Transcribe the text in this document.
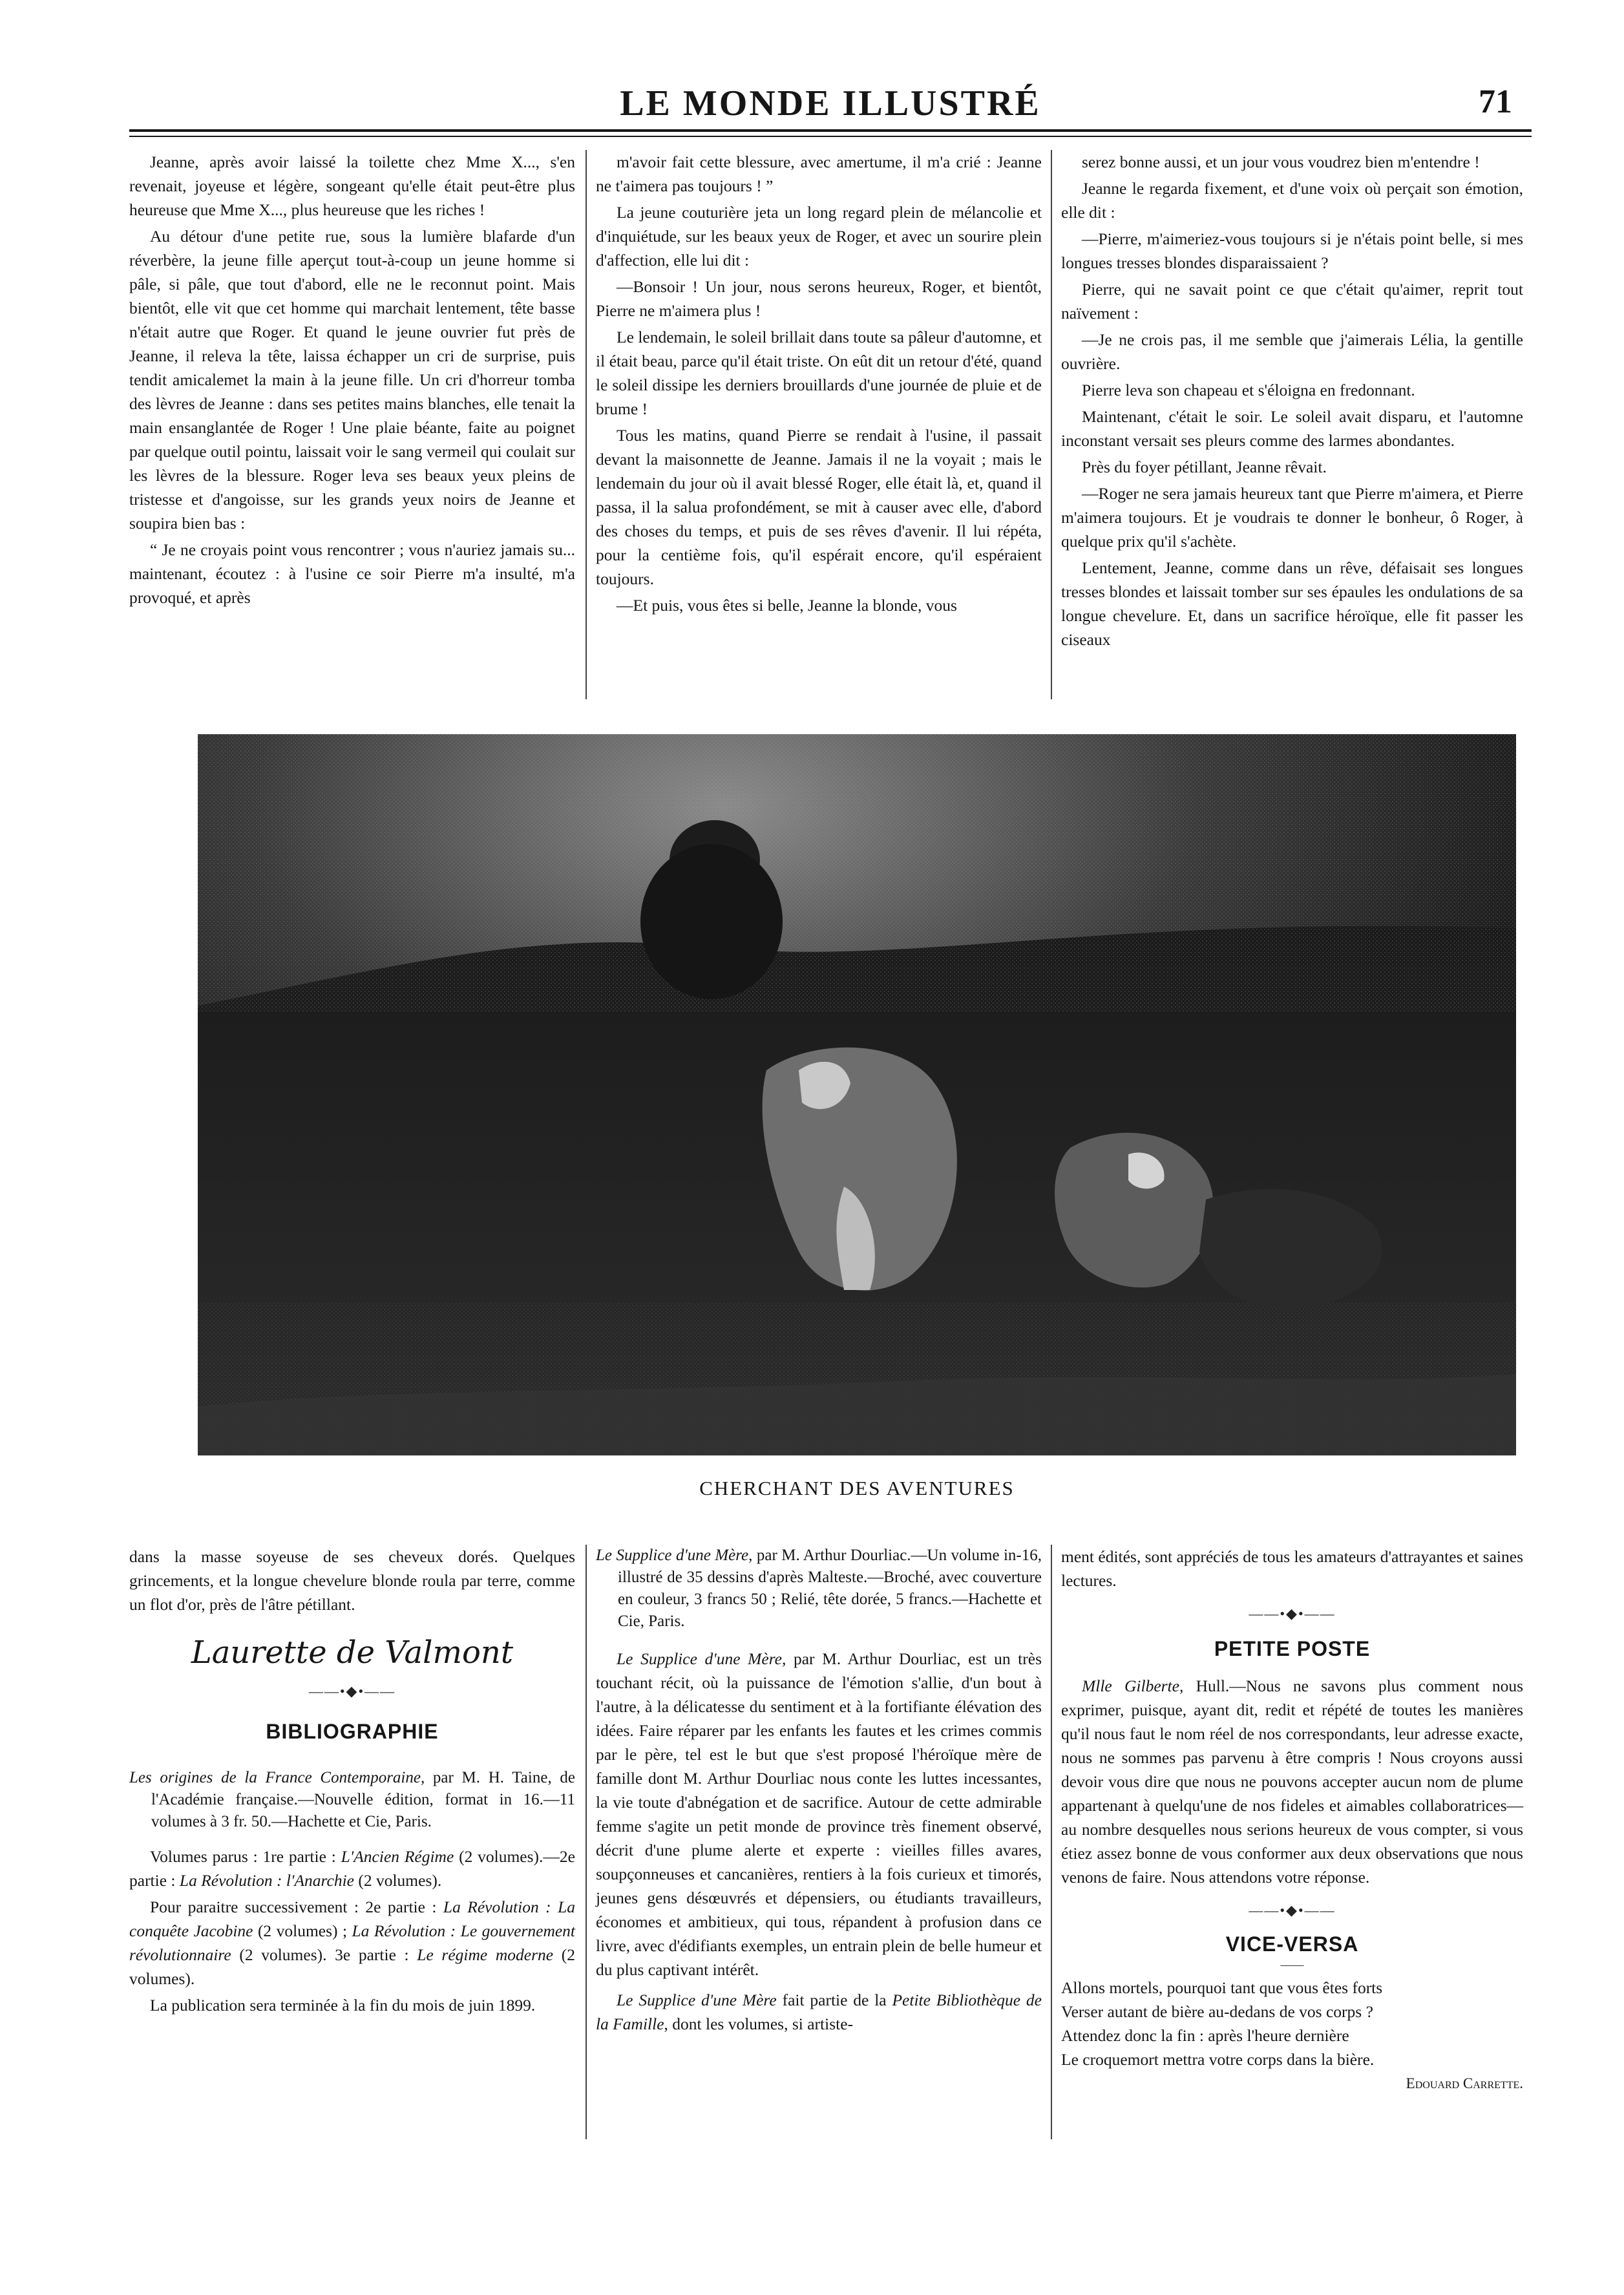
LE MONDE ILLUSTRÉ	71

Jeanne, après avoir laissé la toilette chez Mme X..., s'en revenait, joyeuse et légère, songeant qu'elle était peut-être plus heureuse que Mme X..., plus heureuse que les riches !

Au détour d'une petite rue, sous la lumière blafarde d'un réverbère, la jeune fille aperçut tout-à-coup un jeune homme si pâle, si pâle, que tout d'abord, elle ne le reconnut point. Mais bientôt, elle vit que cet homme qui marchait lentement, tête basse n'était autre que Roger. Et quand le jeune ouvrier fut près de Jeanne, il releva la tête, laissa échapper un cri de surprise, puis tendit amicalemet la main à la jeune fille. Un cri d'horreur tomba des lèvres de Jeanne : dans ses petites mains blanches, elle tenait la main ensanglantée de Roger ! Une plaie béante, faite au poignet par quelque outil pointu, laissait voir le sang vermeil qui coulait sur les lèvres de la blessure. Roger leva ses beaux yeux pleins de tristesse et d'angoisse, sur les grands yeux noirs de Jeanne et soupira bien bas :

“ Je ne croyais point vous rencontrer ; vous n'auriez jamais su... maintenant, écoutez : à l'usine ce soir Pierre m'a insulté, m'a provoqué, et après

m'avoir fait cette blessure, avec amertume, il m'a crié : Jeanne ne t'aimera pas toujours ! ”

La jeune couturière jeta un long regard plein de mélancolie et d'inquiétude, sur les beaux yeux de Roger, et avec un sourire plein d'affection, elle lui dit :

—Bonsoir ! Un jour, nous serons heureux, Roger, et bientôt, Pierre ne m'aimera plus !

Le lendemain, le soleil brillait dans toute sa pâleur d'automne, et il était beau, parce qu'il était triste. On eût dit un retour d'été, quand le soleil dissipe les derniers brouillards d'une journée de pluie et de brume !

Tous les matins, quand Pierre se rendait à l'usine, il passait devant la maisonnette de Jeanne. Jamais il ne la voyait ; mais le lendemain du jour où il avait blessé Roger, elle était là, et, quand il passa, il la salua profondément, se mit à causer avec elle, d'abord des choses du temps, et puis de ses rêves d'avenir. Il lui répéta, pour la centième fois, qu'il espérait encore, qu'il espéraient toujours.

—Et puis, vous êtes si belle, Jeanne la blonde, vous

serez bonne aussi, et un jour vous voudrez bien m'entendre !

Jeanne le regarda fixement, et d'une voix où perçait son émotion, elle dit :

—Pierre, m'aimeriez-vous toujours si je n'étais point belle, si mes longues tresses blondes disparaissaient ?

Pierre, qui ne savait point ce que c'était qu'aimer, reprit tout naïvement :

—Je ne crois pas, il me semble que j'aimerais Lélia, la gentille ouvrière.

Pierre leva son chapeau et s'éloigna en fredonnant.

Maintenant, c'était le soir. Le soleil avait disparu, et l'automne inconstant versait ses pleurs comme des larmes abondantes.

Près du foyer pétillant, Jeanne rêvait.

—Roger ne sera jamais heureux tant que Pierre m'aimera, et Pierre m'aimera toujours. Et je voudrais te donner le bonheur, ô Roger, à quelque prix qu'il s'achète.

Lentement, Jeanne, comme dans un rêve, défaisait ses longues tresses blondes et laissait tomber sur ses épaules les ondulations de sa longue chevelure. Et, dans un sacrifice héroïque, elle fit passer les ciseaux

CHERCHANT DES AVENTURES

dans la masse soyeuse de ses cheveux dorés. Quelques grincements, et la longue chevelure blonde roula par terre, comme un flot d'or, près de l'âtre pétillant.

Laurette de Valmont
——•◆•——
BIBLIOGRAPHIE

Les origines de la France Contemporaine, par M. H. Taine, de l'Académie française.—Nouvelle édition, format in 16.—11 volumes à 3 fr. 50.—Hachette et Cie, Paris.

Volumes parus : 1re partie : L'Ancien Régime (2 volumes).—2e partie : La Révolution : l'Anarchie (2 volumes).

Pour paraitre successivement : 2e partie : La Révolution : La conquête Jacobine (2 volumes) ; La Révolution : Le gouvernement révolutionnaire (2 volumes). 3e partie : Le régime moderne (2 volumes).

La publication sera terminée à la fin du mois de juin 1899.

Le Supplice d'une Mère, par M. Arthur Dourliac.—Un volume in-16, illustré de 35 dessins d'après Malteste.—Broché, avec couverture en couleur, 3 francs 50 ; Relié, tête dorée, 5 francs.—Hachette et Cie, Paris.

Le Supplice d'une Mère, par M. Arthur Dourliac, est un très touchant récit, où la puissance de l'émotion s'allie, d'un bout à l'autre, à la délicatesse du sentiment et à la fortifiante élévation des idées. Faire réparer par les enfants les fautes et les crimes commis par le père, tel est le but que s'est proposé l'héroïque mère de famille dont M. Arthur Dourliac nous conte les luttes incessantes, la vie toute d'abnégation et de sacrifice. Autour de cette admirable femme s'agite un petit monde de province très finement observé, décrit d'une plume alerte et experte : vieilles filles avares, soupçonneuses et cancanières, rentiers à la fois curieux et timorés, jeunes gens désœuvrés et dépensiers, ou étudiants travailleurs, économes et ambitieux, qui tous, répandent à profusion dans ce livre, avec d'édifiants exemples, un entrain plein de belle humeur et du plus captivant intérêt.

Le Supplice d'une Mère fait partie de la Petite Bibliothèque de la Famille, dont les volumes, si artiste-

ment édités, sont appréciés de tous les amateurs d'attrayantes et saines lectures.

——•◆•——
PETITE POSTE

Mlle Gilberte, Hull.—Nous ne savons plus comment nous exprimer, puisque, ayant dit, redit et répété de toutes les manières qu'il nous faut le nom réel de nos correspondants, leur adresse exacte, nous ne sommes pas parvenu à être compris ! Nous croyons aussi devoir vous dire que nous ne pouvons accepter aucun nom de plume appartenant à quelqu'une de nos fideles et aimables collaboratrices—au nombre desquelles nous serions heureux de vous compter, si vous étiez assez bonne de vous conformer aux deux observations que nous venons de faire. Nous attendons votre réponse.

——•◆•——
VICE-VERSA
——
Allons mortels, pourquoi tant que vous êtes forts
Verser autant de bière au-dedans de vos corps ?
Attendez donc la fin : après l'heure dernière
Le croquemort mettra votre corps dans la bière.
Edouard Carrette.
